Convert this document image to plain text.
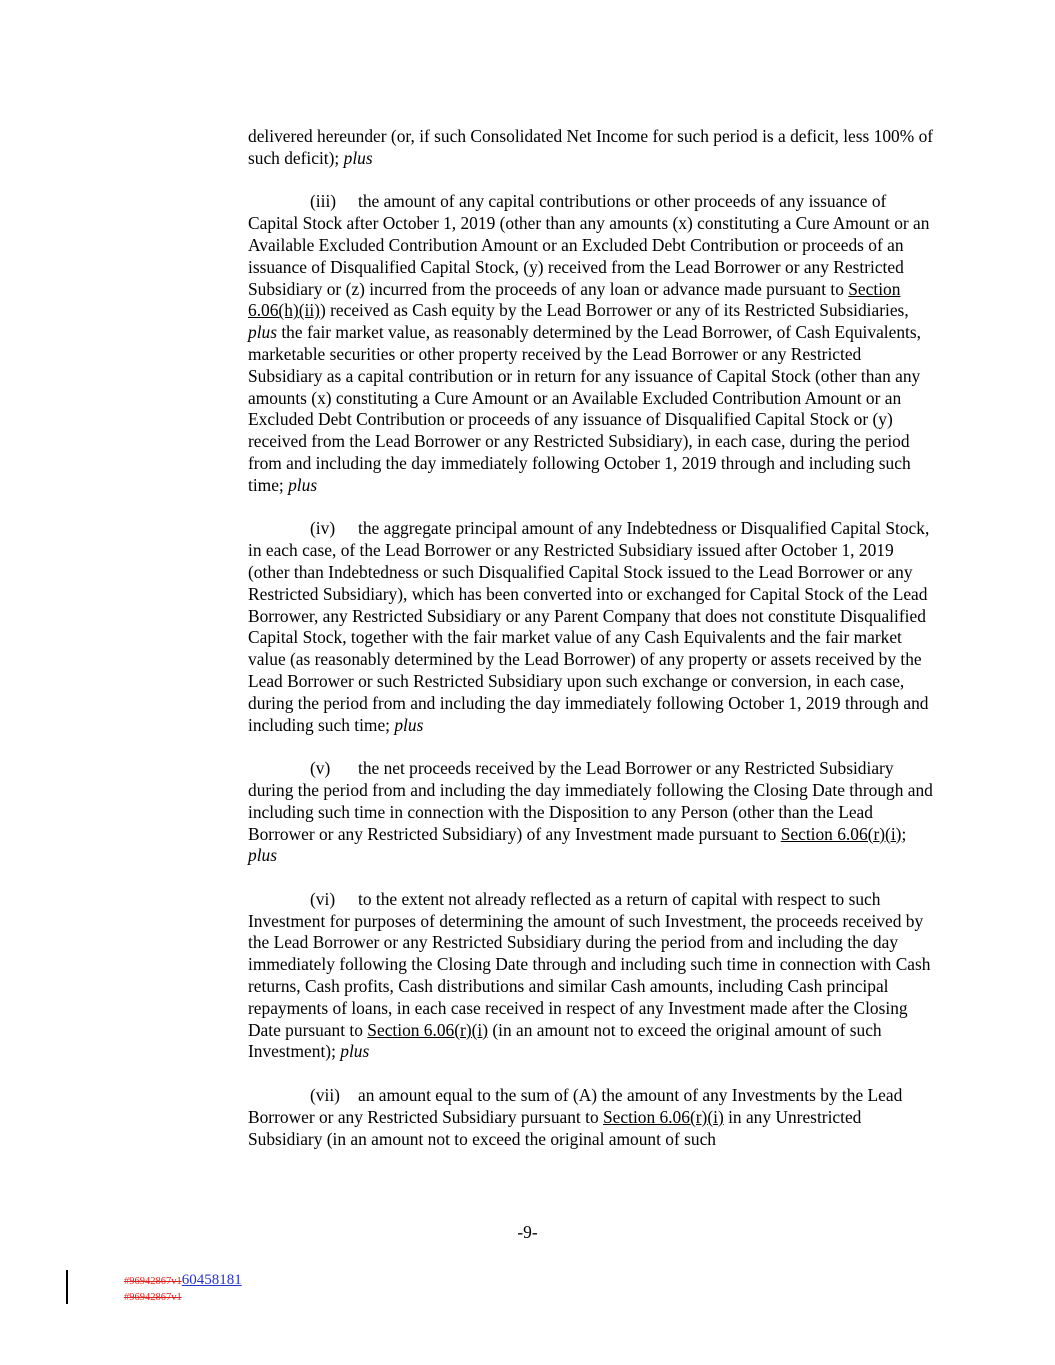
delivered hereunder (or, if such Consolidated Net Income for such period is a deficit, less 100% of such deficit); plus

(iii) the amount of any capital contributions or other proceeds of any issuance of Capital Stock after October 1, 2019 (other than any amounts (x) constituting a Cure Amount or an Available Excluded Contribution Amount or an Excluded Debt Contribution or proceeds of an issuance of Disqualified Capital Stock, (y) received from the Lead Borrower or any Restricted Subsidiary or (z) incurred from the proceeds of any loan or advance made pursuant to Section 6.06(h)(ii)) received as Cash equity by the Lead Borrower or any of its Restricted Subsidiaries, plus the fair market value, as reasonably determined by the Lead Borrower, of Cash Equivalents, marketable securities or other property received by the Lead Borrower or any Restricted Subsidiary as a capital contribution or in return for any issuance of Capital Stock (other than any amounts (x) constituting a Cure Amount or an Available Excluded Contribution Amount or an Excluded Debt Contribution or proceeds of any issuance of Disqualified Capital Stock or (y) received from the Lead Borrower or any Restricted Subsidiary), in each case, during the period from and including the day immediately following October 1, 2019 through and including such time; plus

(iv) the aggregate principal amount of any Indebtedness or Disqualified Capital Stock, in each case, of the Lead Borrower or any Restricted Subsidiary issued after October 1, 2019 (other than Indebtedness or such Disqualified Capital Stock issued to the Lead Borrower or any Restricted Subsidiary), which has been converted into or exchanged for Capital Stock of the Lead Borrower, any Restricted Subsidiary or any Parent Company that does not constitute Disqualified Capital Stock, together with the fair market value of any Cash Equivalents and the fair market value (as reasonably determined by the Lead Borrower) of any property or assets received by the Lead Borrower or such Restricted Subsidiary upon such exchange or conversion, in each case, during the period from and including the day immediately following October 1, 2019 through and including such time; plus

(v) the net proceeds received by the Lead Borrower or any Restricted Subsidiary during the period from and including the day immediately following the Closing Date through and including such time in connection with the Disposition to any Person (other than the Lead Borrower or any Restricted Subsidiary) of any Investment made pursuant to Section 6.06(r)(i); plus

(vi) to the extent not already reflected as a return of capital with respect to such Investment for purposes of determining the amount of such Investment, the proceeds received by the Lead Borrower or any Restricted Subsidiary during the period from and including the day immediately following the Closing Date through and including such time in connection with Cash returns, Cash profits, Cash distributions and similar Cash amounts, including Cash principal repayments of loans, in each case received in respect of any Investment made after the Closing Date pursuant to Section 6.06(r)(i) (in an amount not to exceed the original amount of such Investment); plus

(vii) an amount equal to the sum of (A) the amount of any Investments by the Lead Borrower or any Restricted Subsidiary pursuant to Section 6.06(r)(i) in any Unrestricted Subsidiary (in an amount not to exceed the original amount of such

-9-
#96942867v160458181
#96942867v1
